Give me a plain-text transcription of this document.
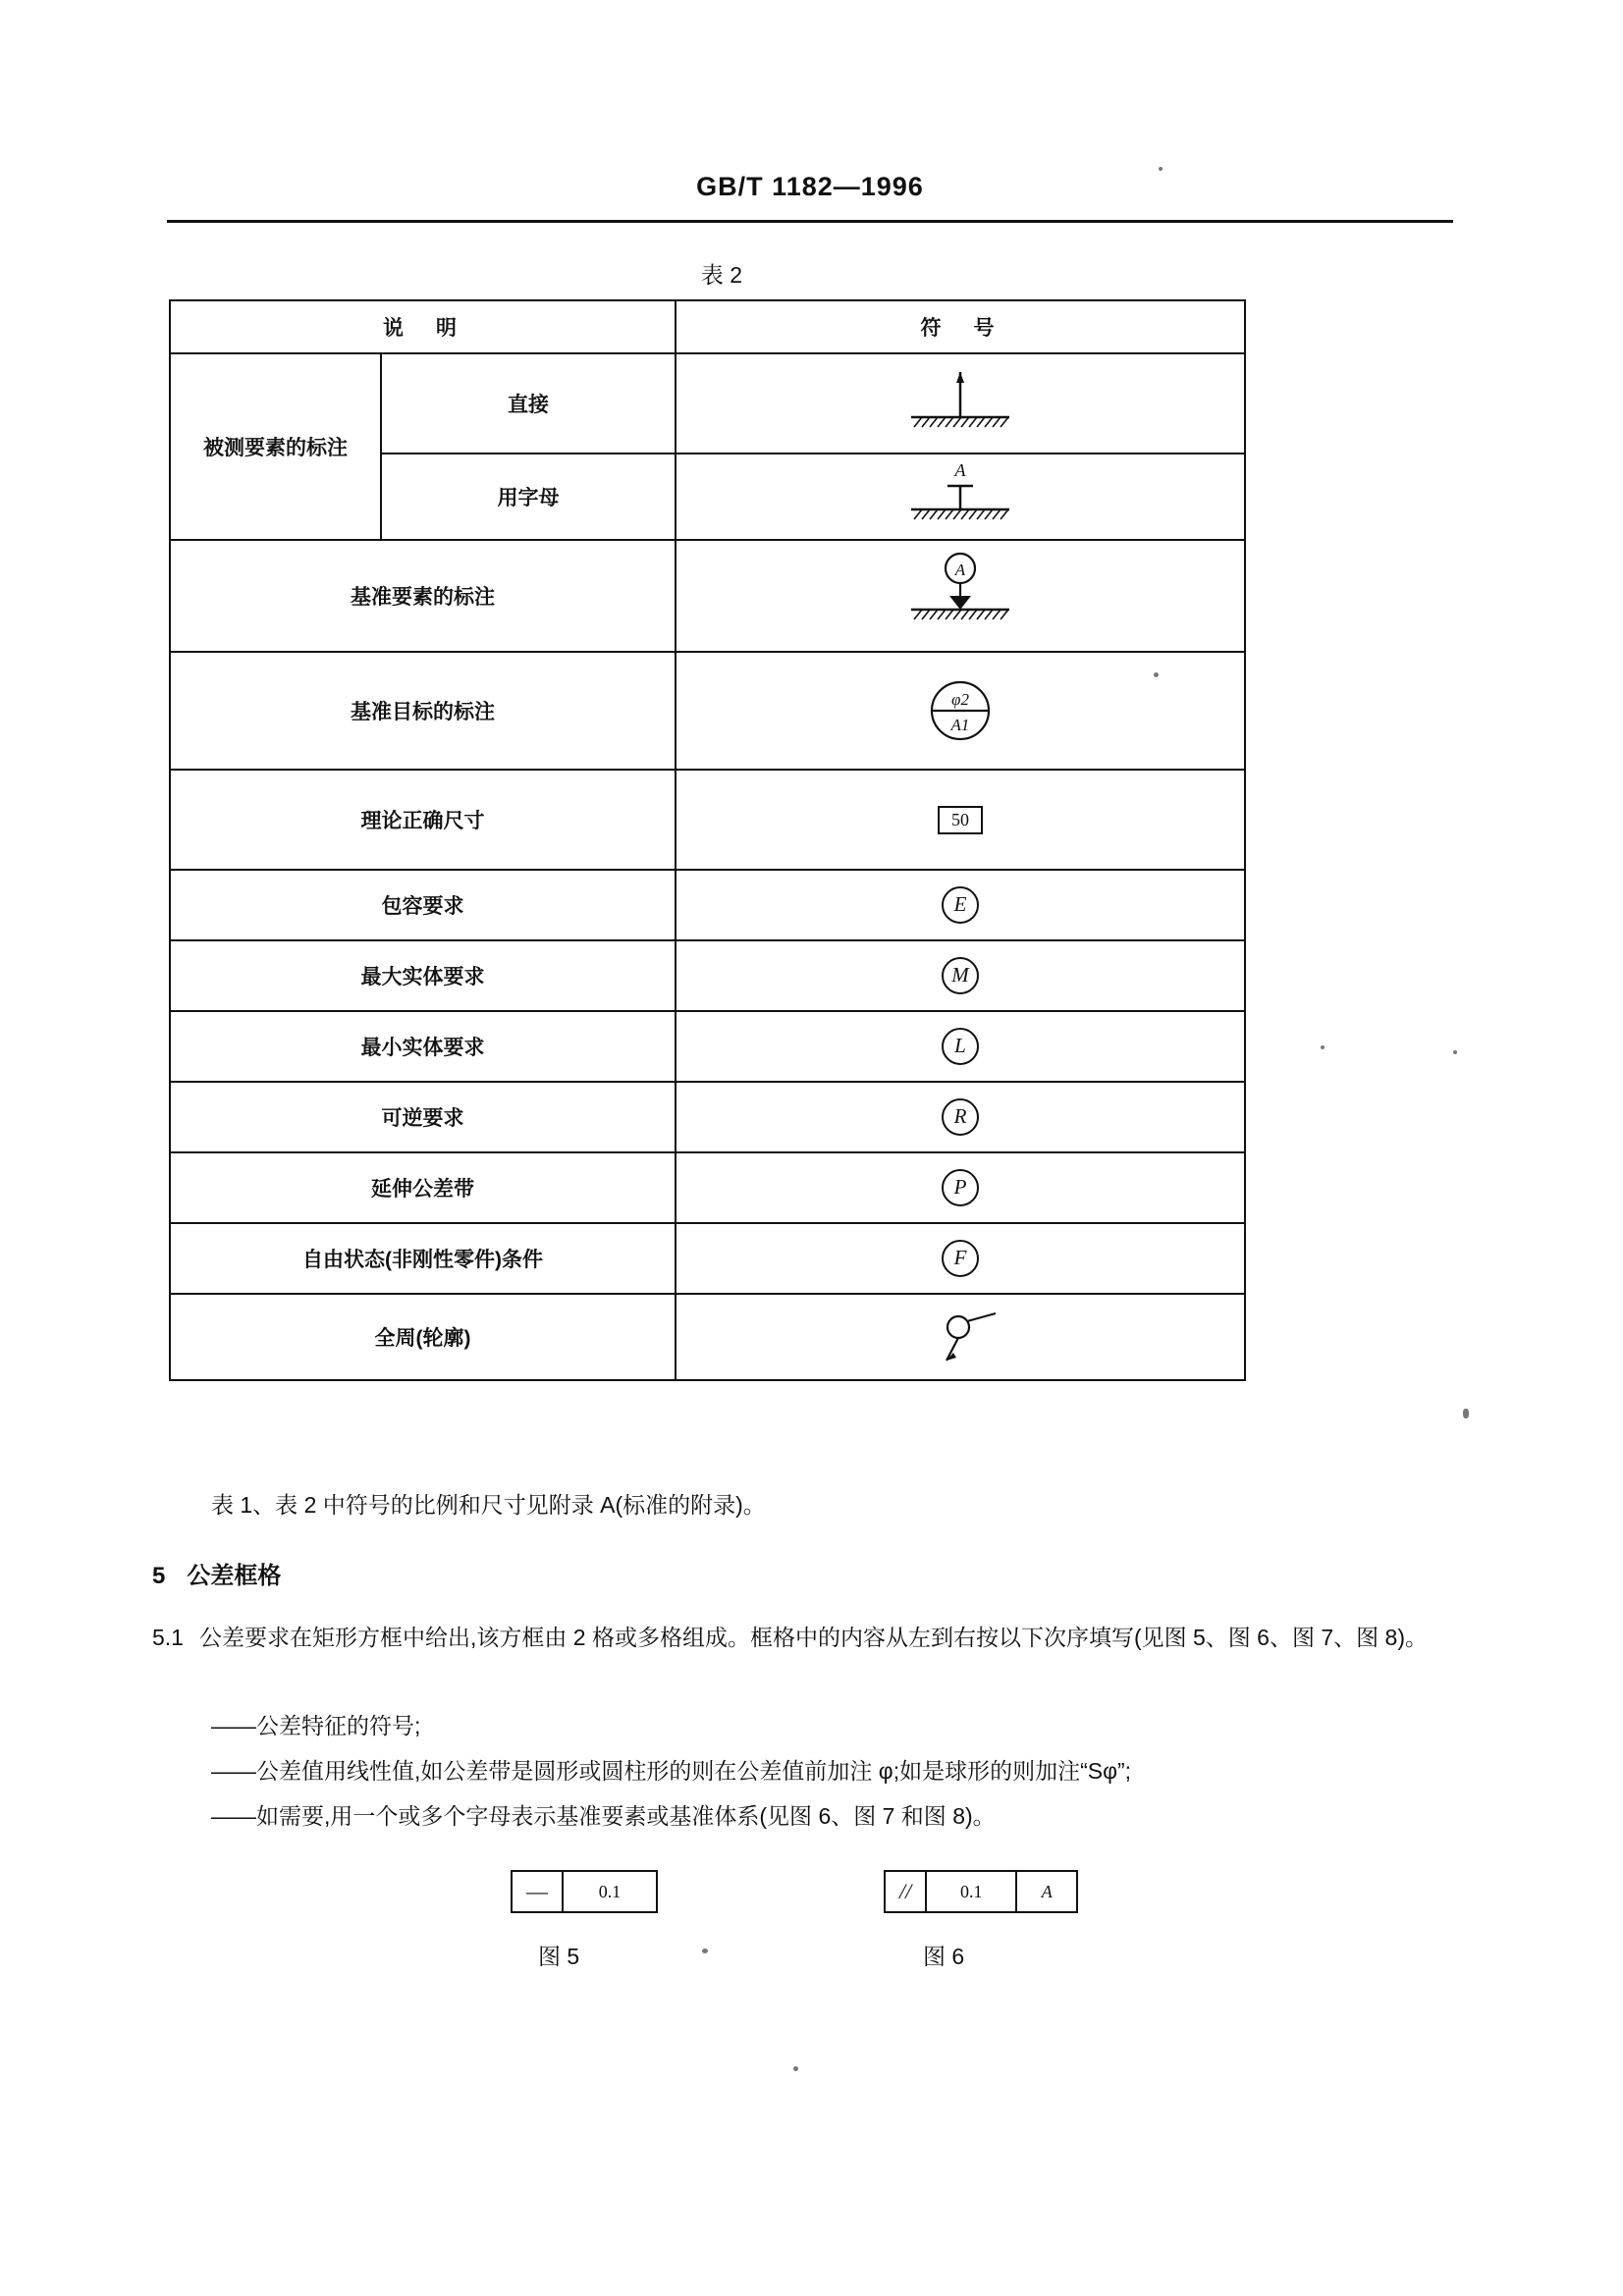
GB/T 1182—1996
表 2
说　明		符　号
被测要素的标注	直接	

	用字母	A

基准要素的标注		A

基准目标的标注		φ2
A1

理论正确尺寸		50

包容要求		E

最大实体要求		M

最小实体要求		L

可逆要求		R

延伸公差带		P

自由状态(非刚性零件)条件		F

全周(轮廓)	
表 1、表 2 中符号的比例和尺寸见附录 A(标准的附录)。
5 公差框格
5.1 公差要求在矩形方框中给出,该方框由 2 格或多格组成。框格中的内容从左到右按以下次序填写(见图 5、图 6、图 7、图 8)。
——公差特征的符号;
——公差值用线性值,如公差带是圆形或圆柱形的则在公差值前加注 φ;如是球形的则加注“Sφ”;
——如需要,用一个或多个字母表示基准要素或基准体系(见图 6、图 7 和图 8)。
—	0.1
图 5
//	0.1	A
图 6
